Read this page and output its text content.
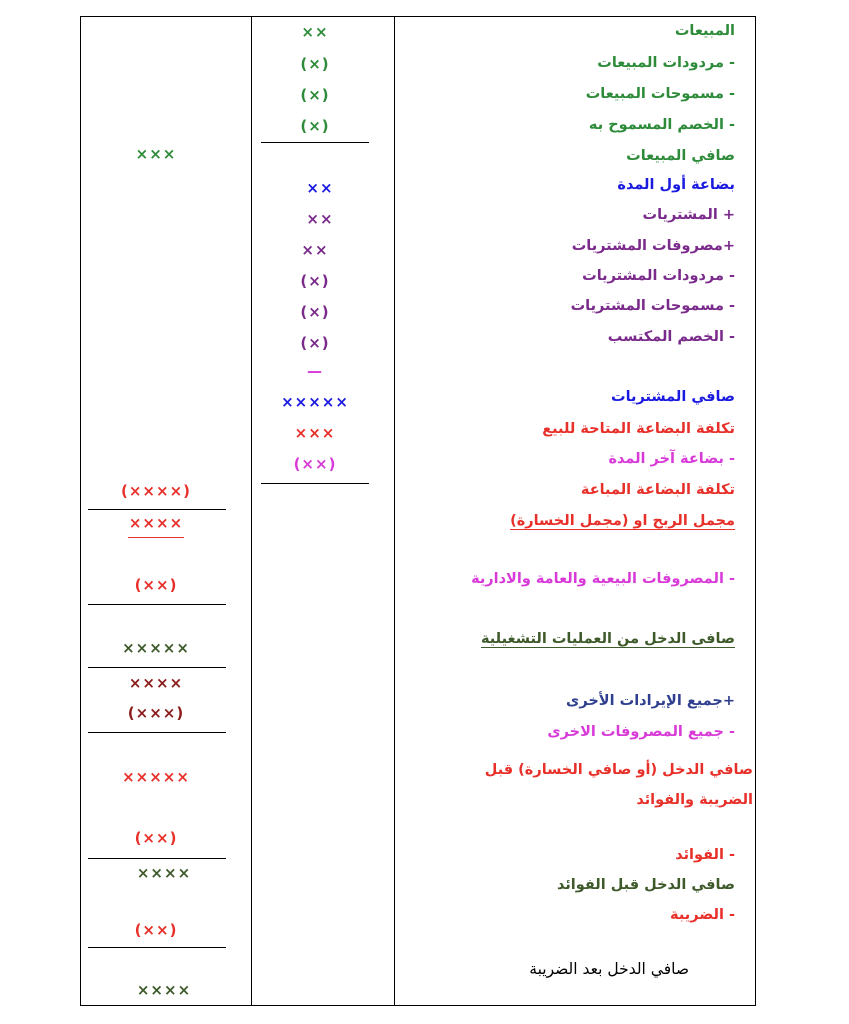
المبيعات
- مردودات المبيعات
- مسموحات المبيعات
- الخصم المسموح به
صافي المبيعات
بضاعة أول المدة
+ المشتريات
+مصروفات المشتريات
- مردودات المشتريات
- مسموحات المشتريات
- الخصم المكتسب
صافي المشتريات
تكلفة البضاعة المتاحة للبيع
- بضاعة آخر المدة
تكلفة البضاعة المباعة
مجمل الربح او (مجمل الخسارة)
- المصروفات البيعية والعامة والادارية
صافى الدخل من العمليات التشغيلية
+جميع الإيرادات الأخرى
- جميع المصروفات الاخرى
صافي الدخل (أو صافي الخسارة) قبل الضريبة والفوائد
- الفوائد
صافي الدخل قبل الفوائد
- الضريبة
صافي الدخل بعد الضريبة
××
(×)
(×)
(×)
××
××
××
(×)
(×)
(×)
—
×××××
×××
(××)
×××
(××××)
××××
(××)
×××××
××××
(×××)
×××××
(××)
××××
(××)
××××
